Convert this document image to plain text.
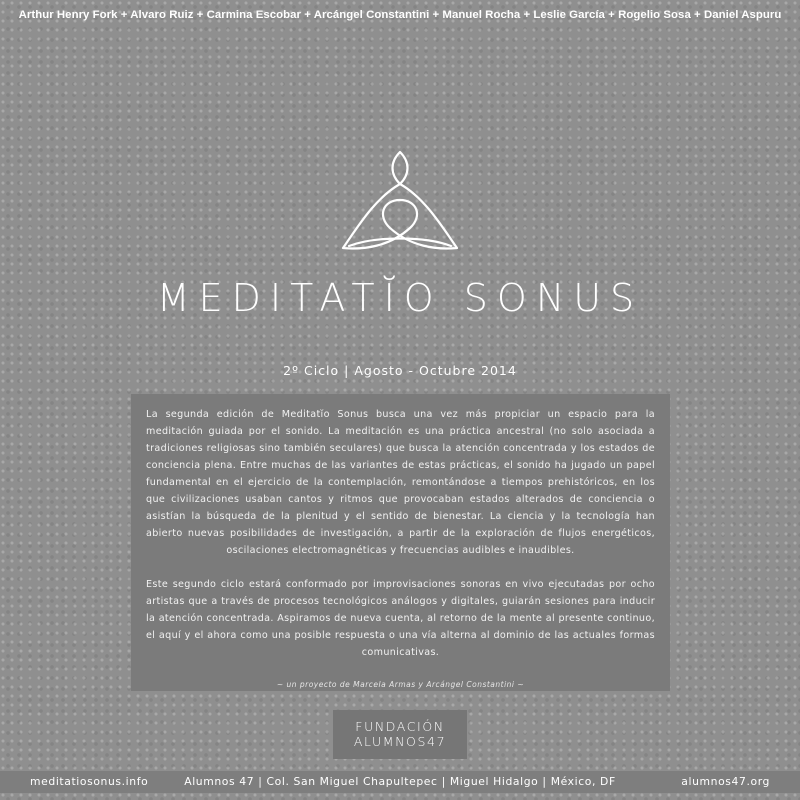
Arthur Henry Fork + Alvaro Ruiz + Carmina Escobar + Arcángel Constantini + Manuel Rocha + Leslie García + Rogelio Sosa + Daniel Aspuru
MEDITATĬO SONUS
2º Ciclo | Agosto - Octubre 2014

La segunda edición de Meditatĭo Sonus busca una vez más propiciar un espacio para la meditación guiada por el sonido. La meditación es una práctica ancestral (no solo asociada a tradiciones religiosas sino también seculares) que busca la atención concentrada y los estados de conciencia plena. Entre muchas de las variantes de estas prácticas, el sonido ha jugado un papel fundamental en el ejercicio de la contemplación, remontándose a tiempos prehistóricos, en los que civilizaciones usaban cantos y ritmos que provocaban estados alterados de conciencia o asistían la búsqueda de la plenitud y el sentido de bienestar. La ciencia y la tecnología han abierto nuevas posibilidades de investigación, a partir de la exploración de flujos energéticos, oscilaciones electromagnéticas y frecuencias audibles e inaudibles.

Este segundo ciclo estará conformado por improvisaciones sonoras en vivo ejecutadas por ocho artistas que a través de procesos tecnológicos análogos y digitales, guiarán sesiones para inducir la atención concentrada. Aspiramos de nueva cuenta, al retorno de la mente al presente continuo, el aquí y el ahora como una posible respuesta o una vía alterna al dominio de las actuales formas comunicativas.

~ un proyecto de Marcela Armas y Arcángel Constantini ~
FUNDACIÓN
ALUMNOS47
meditatiosonus.info	Alumnos 47 | Col. San Miguel Chapultepec | Miguel Hidalgo | México, DF	alumnos47.org
